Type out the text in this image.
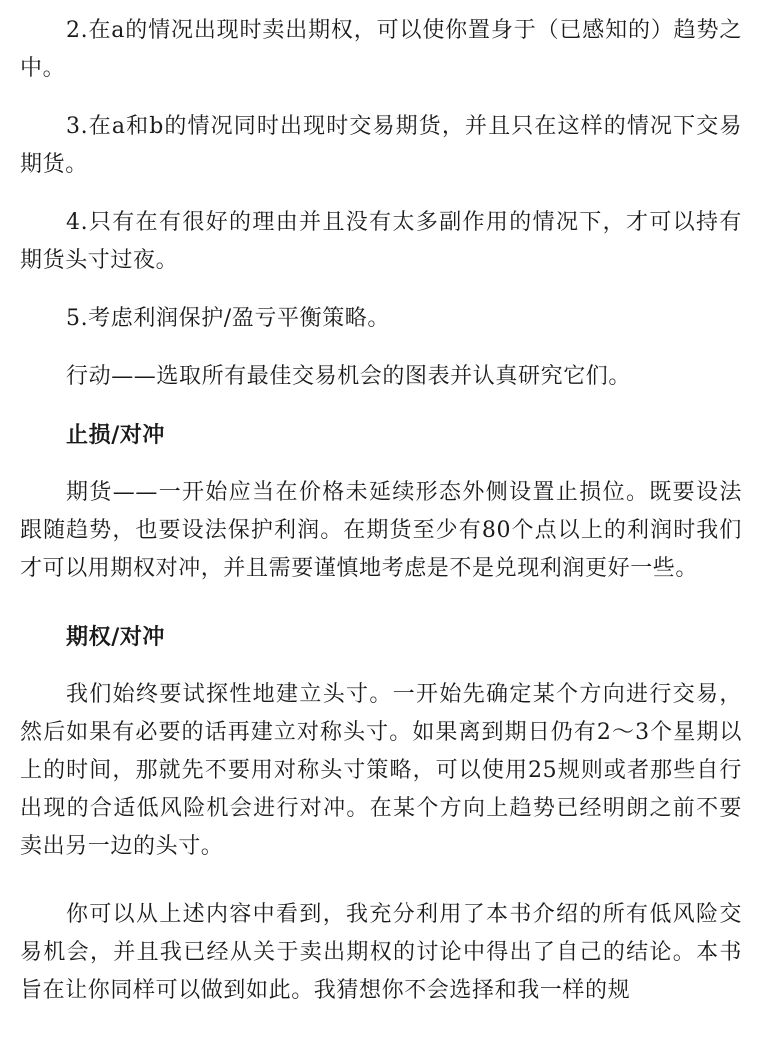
2.在a的情况出现时卖出期权，可以使你置身于（已感知的）趋势之中。

3.在a和b的情况同时出现时交易期货，并且只在这样的情况下交易期货。

4.只有在有很好的理由并且没有太多副作用的情况下，才可以持有期货头寸过夜。

5.考虑利润保护/盈亏平衡策略。

行动——选取所有最佳交易机会的图表并认真研究它们。

止损/对冲

期货——一开始应当在价格未延续形态外侧设置止损位。既要设法跟随趋势，也要设法保护利润。在期货至少有80个点以上的利润时我们才可以用期权对冲，并且需要谨慎地考虑是不是兑现利润更好一些。

期权/对冲

我们始终要试探性地建立头寸。一开始先确定某个方向进行交易，然后如果有必要的话再建立对称头寸。如果离到期日仍有2～3个星期以上的时间，那就先不要用对称头寸策略，可以使用25规则或者那些自行出现的合适低风险机会进行对冲。在某个方向上趋势已经明朗之前不要卖出另一边的头寸。

你可以从上述内容中看到，我充分利用了本书介绍的所有低风险交易机会，并且我已经从关于卖出期权的讨论中得出了自己的结论。本书旨在让你同样可以做到如此。我猜想你不会选择和我一样的规
